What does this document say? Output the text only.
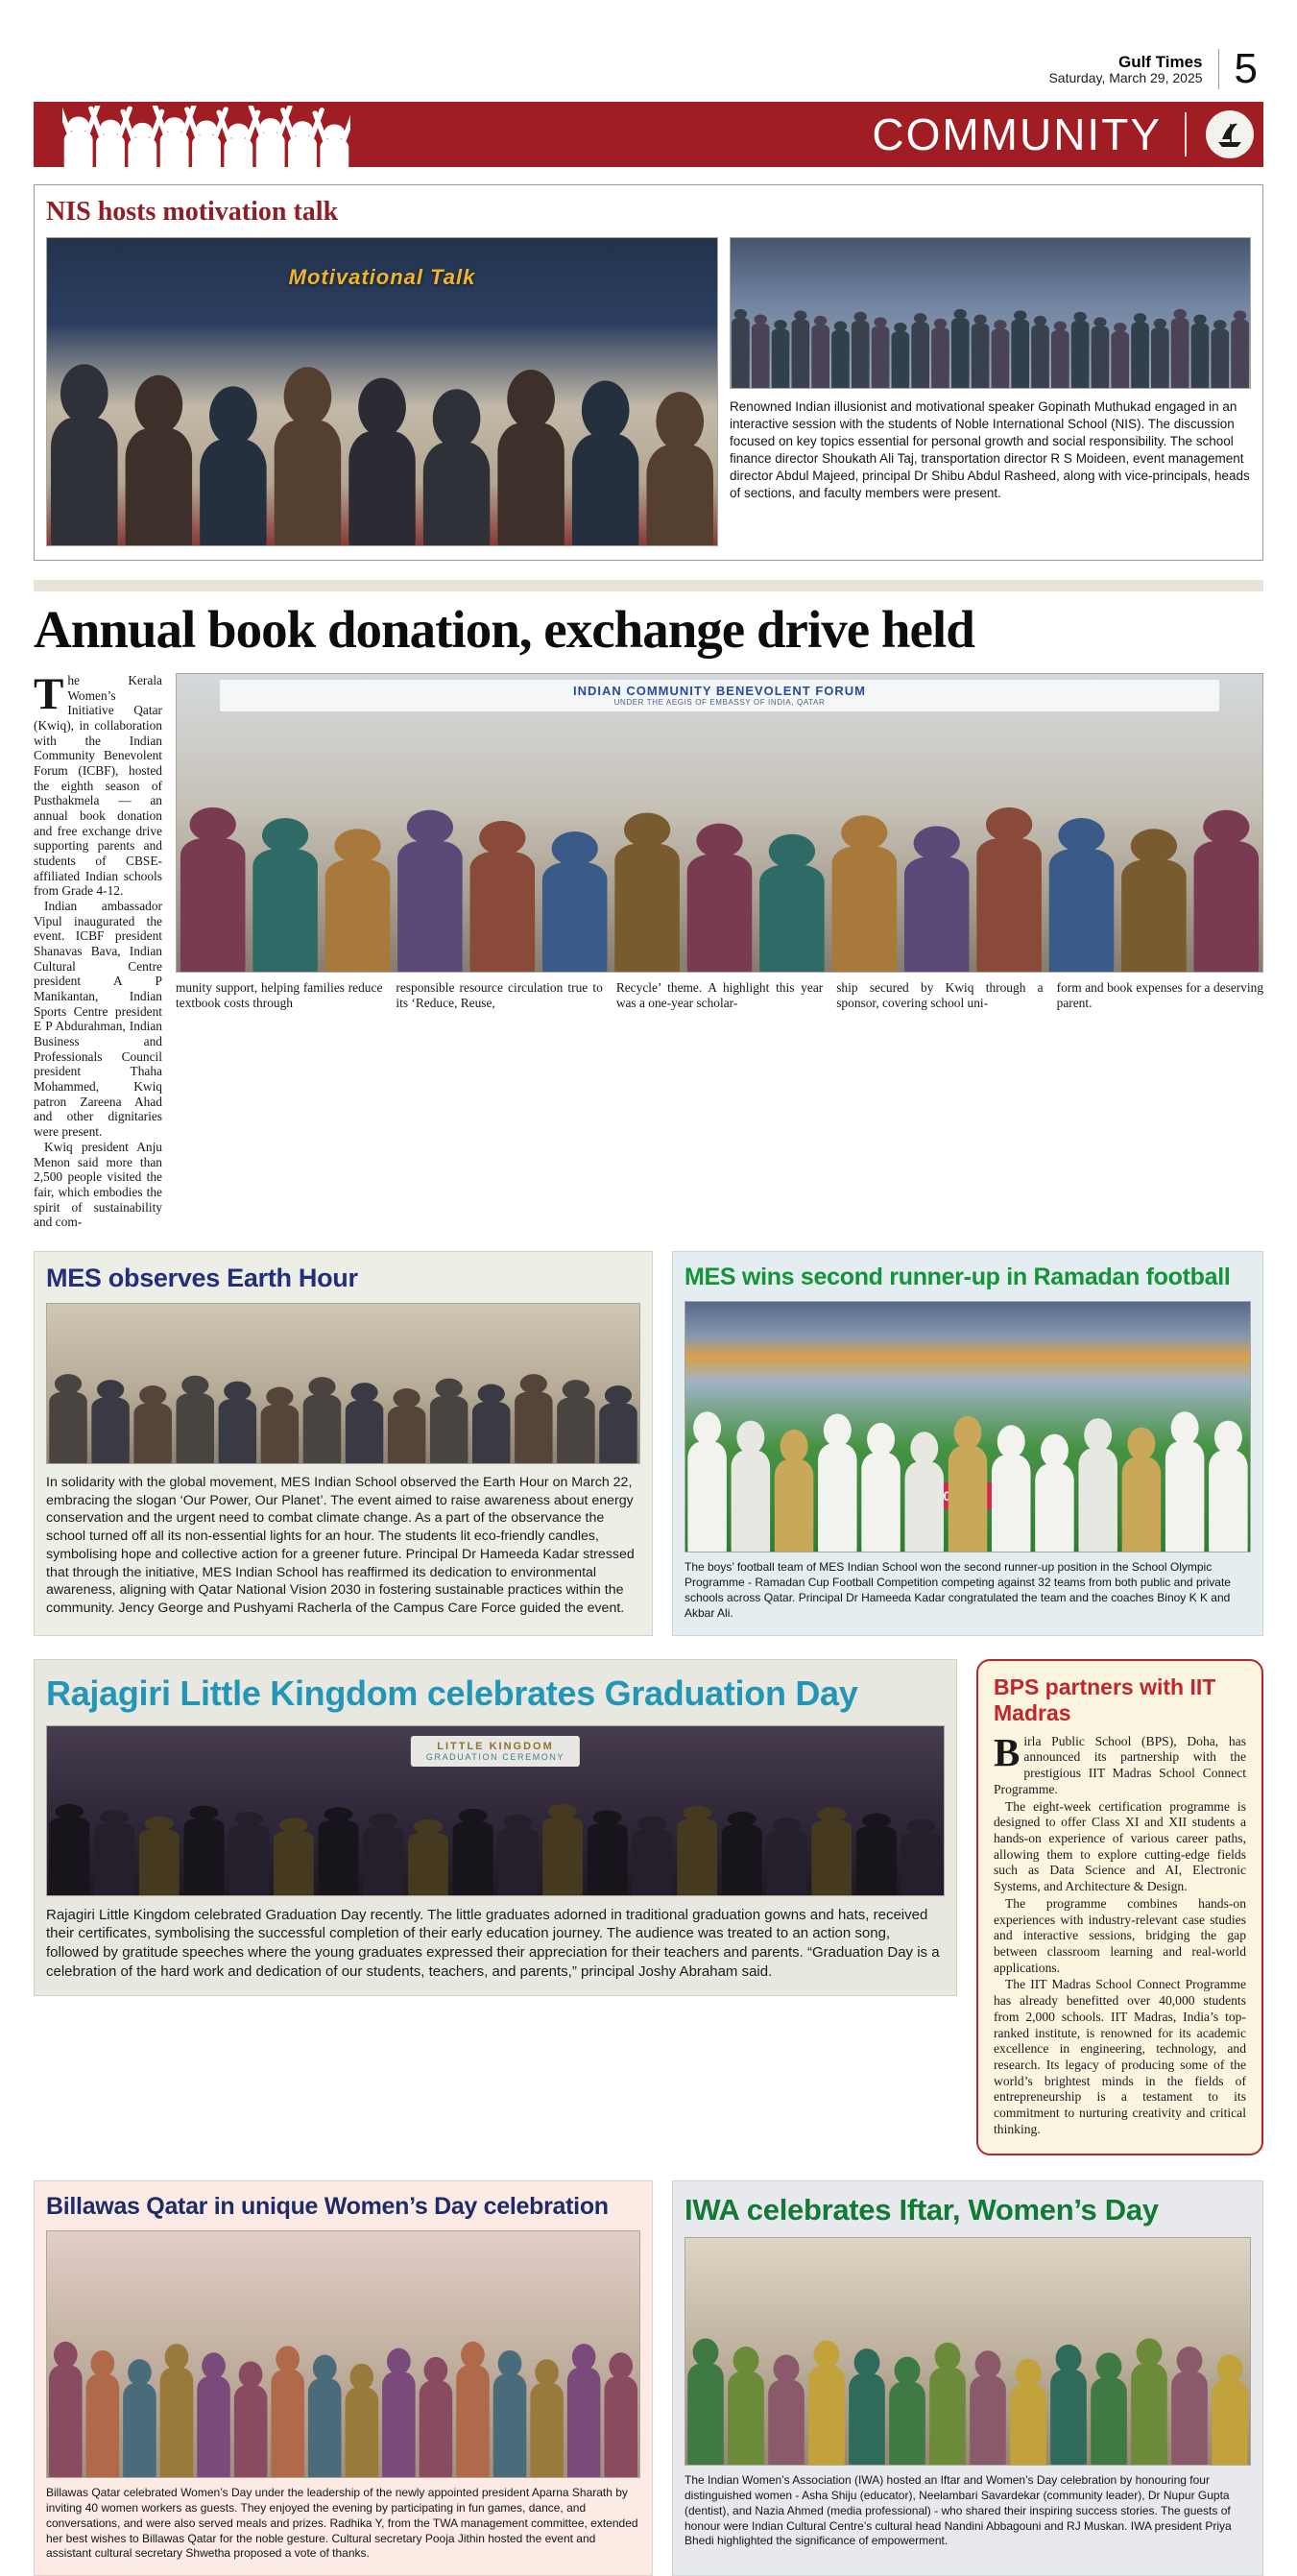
Gulf Times
Saturday, March 29, 2025 5
COMMUNITY
NIS hosts motivation talk
Motivational Talk

Renowned Indian illusionist and motivational speaker Gopinath Muthukad engaged in an interactive session with the students of Noble International School (NIS). The discussion focused on key topics essential for personal growth and social responsibility. The school finance director Shoukath Ali Taj, transportation director R S Moideen, event management director Abdul Majeed, principal Dr Shibu Abdul Rasheed, along with vice-principals, heads of sections, and faculty members were present.

Annual book donation, exchange drive held

The Kerala Women’s Initiative Qatar (Kwiq), in collaboration with the Indian Community Benevolent Forum (ICBF), hosted the eighth season of Pusthakmela — an annual book donation and free exchange drive supporting parents and students of CBSE-affiliated Indian schools from Grade 4-12.

Indian ambassador Vipul inaugurated the event. ICBF president Shanavas Bava, Indian Cultural Centre president A P Manikantan, Indian Sports Centre president E P Abdurahman, Indian Business and Professionals Council president Thaha Mohammed, Kwiq patron Zareena Ahad and other dignitaries were present.

Kwiq president Anju Menon said more than 2,500 people visited the fair, which embodies the spirit of sustainability and com-

INDIAN COMMUNITY BENEVOLENT FORUM
UNDER THE AEGIS OF EMBASSY OF INDIA, QATAR

munity support, helping families reduce textbook costs through

responsible resource circulation true to its ‘Reduce, Reuse,

Recycle’ theme. A highlight this year was a one-year scholar-

ship secured by Kwiq through a sponsor, covering school uni-

form and book expenses for a deserving parent.

MES observes Earth Hour

In solidarity with the global movement, MES Indian School observed the Earth Hour on March 22, embracing the slogan ‘Our Power, Our Planet’. The event aimed to raise awareness about energy conservation and the urgent need to combat climate change. As a part of the observance the school turned off all its non-essential lights for an hour. The students lit eco-friendly candles, symbolising hope and collective action for a greener future. Principal Dr Hameeda Kadar stressed that through the initiative, MES Indian School has reaffirmed its dedication to environmental awareness, aligning with Qatar National Vision 2030 in fostering sustainable practices within the community. Jency George and Pushyami Racherla of the Campus Care Force guided the event.

MES wins second runner-up in Ramadan football

The boys’ football team of MES Indian School won the second runner-up position in the School Olympic Programme - Ramadan Cup Football Competition competing against 32 teams from both public and private schools across Qatar. Principal Dr Hameeda Kadar congratulated the team and the coaches Binoy K K and Akbar Ali.

Rajagiri Little Kingdom celebrates Graduation Day
LITTLE KINGDOM
GRADUATION CEREMONY

Rajagiri Little Kingdom celebrated Graduation Day recently. The little graduates adorned in traditional graduation gowns and hats, received their certificates, symbolising the successful completion of their early education journey. The audience was treated to an action song, followed by gratitude speeches where the young graduates expressed their appreciation for their teachers and parents. “Graduation Day is a celebration of the hard work and dedication of our students, teachers, and parents,” principal Joshy Abraham said.

BPS partners with IIT Madras

Birla Public School (BPS), Doha, has announced its partnership with the prestigious IIT Madras School Connect Programme.

The eight-week certification programme is designed to offer Class XI and XII students a hands-on experience of various career paths, allowing them to explore cutting-edge fields such as Data Science and AI, Electronic Systems, and Architecture & Design.

The programme combines hands-on experiences with industry-relevant case studies and interactive sessions, bridging the gap between classroom learning and real-world applications.

The IIT Madras School Connect Programme has already benefitted over 40,000 students from 2,000 schools. IIT Madras, India’s top-ranked institute, is renowned for its academic excellence in engineering, technology, and research. Its legacy of producing some of the world’s brightest minds in the fields of entrepreneurship is a testament to its commitment to nurturing creativity and critical thinking.

Billawas Qatar in unique Women’s Day celebration

Billawas Qatar celebrated Women’s Day under the leadership of the newly appointed president Aparna Sharath by inviting 40 women workers as guests. They enjoyed the evening by participating in fun games, dance, and conversations, and were also served meals and prizes. Radhika Y, from the TWA management committee, extended her best wishes to Billawas Qatar for the noble gesture. Cultural secretary Pooja Jithin hosted the event and assistant cultural secretary Shwetha proposed a vote of thanks.

IWA celebrates Iftar, Women’s Day

The Indian Women’s Association (IWA) hosted an Iftar and Women’s Day celebration by honouring four distinguished women - Asha Shiju (educator), Neelambari Savardekar (community leader), Dr Nupur Gupta (dentist), and Nazia Ahmed (media professional) - who shared their inspiring success stories. The guests of honour were Indian Cultural Centre’s cultural head Nandini Abbagouni and RJ Muskan. IWA president Priya Bhedi highlighted the significance of empowerment.
